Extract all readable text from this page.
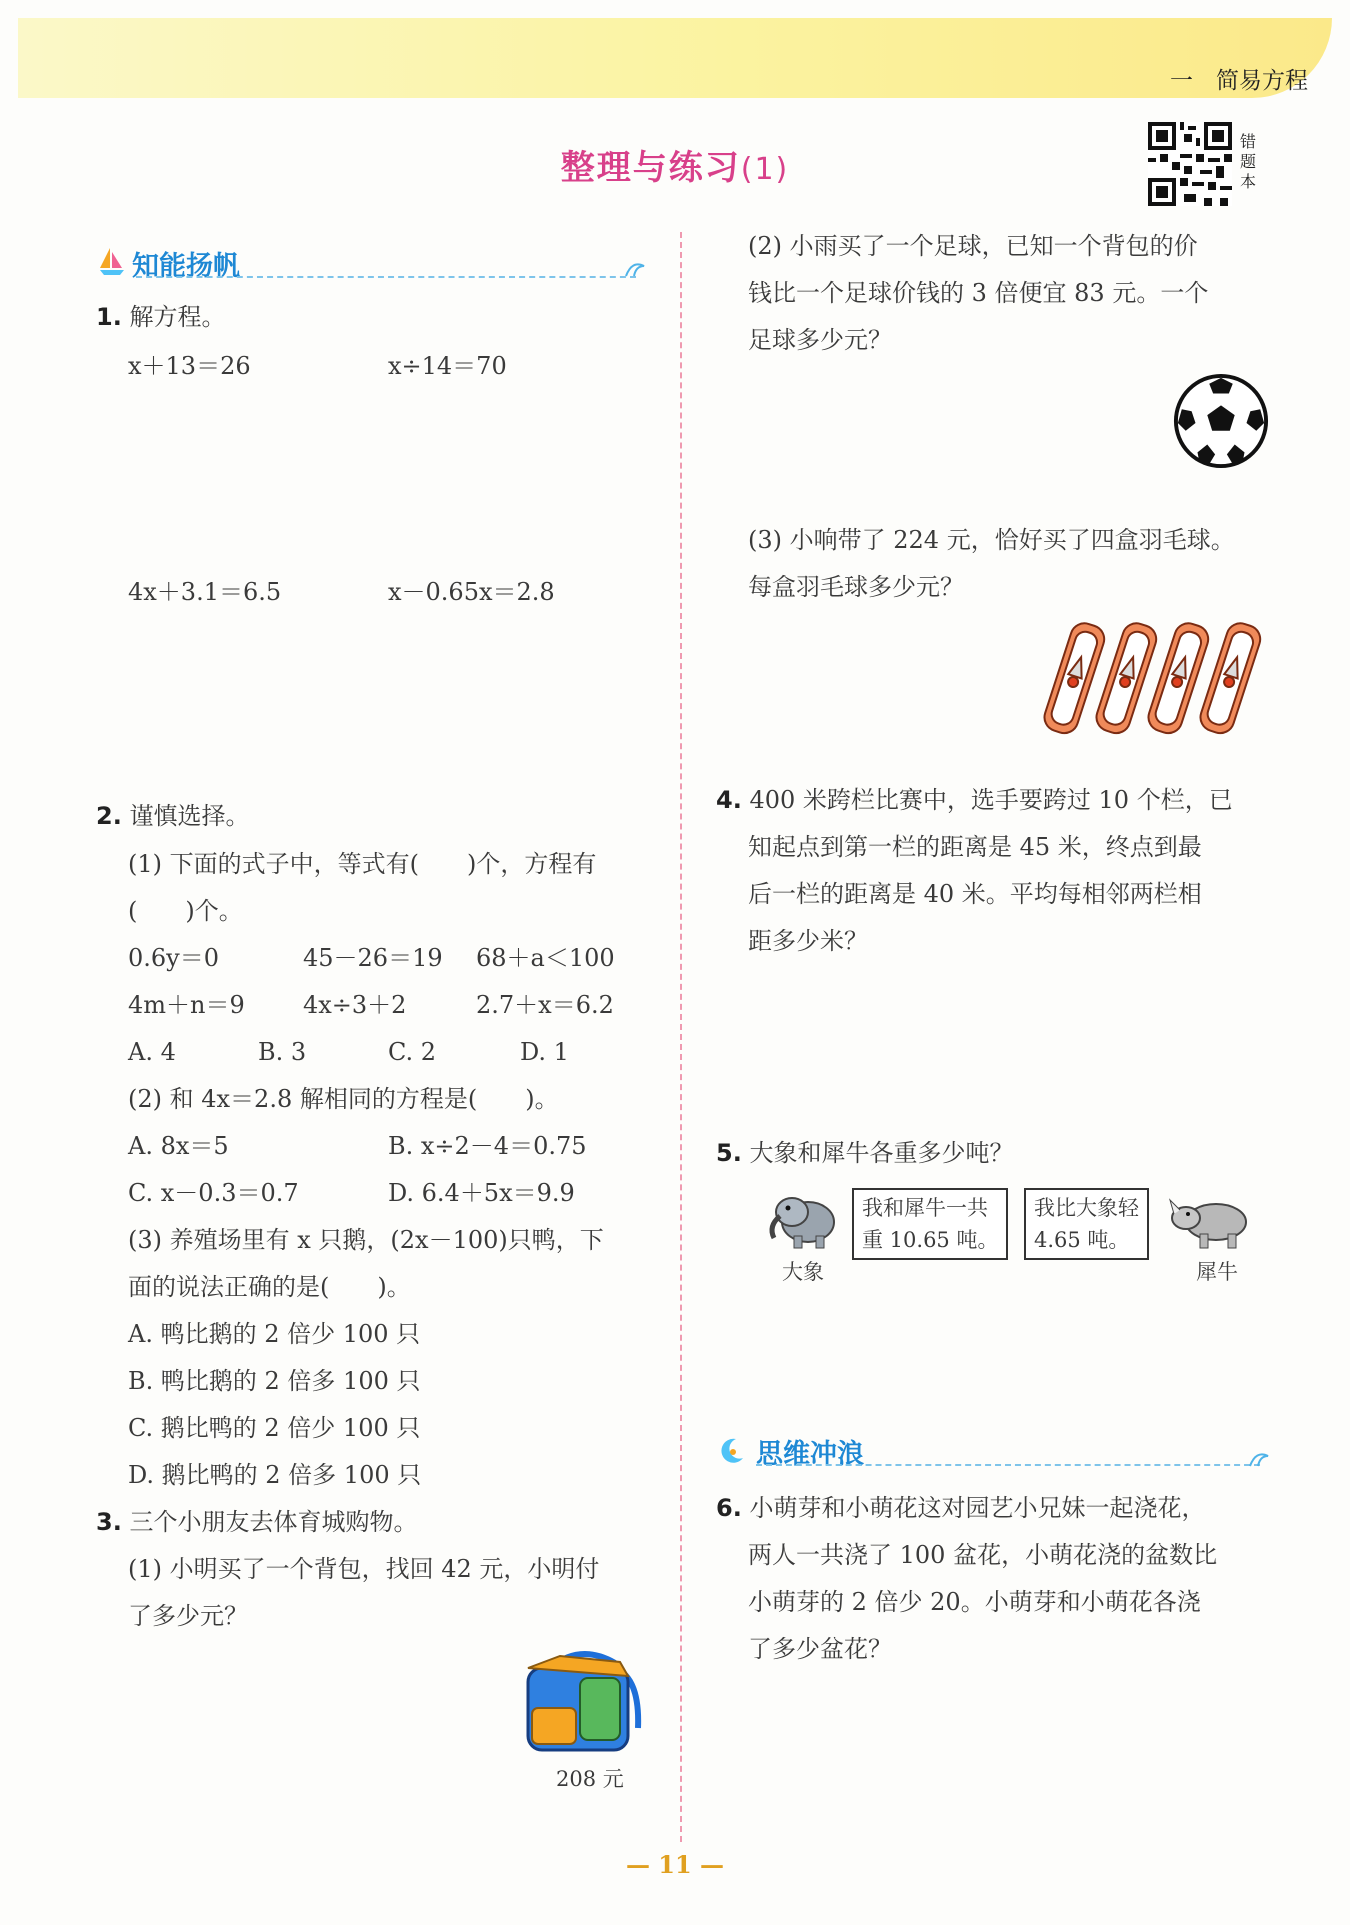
一　简易方程
整理与练习(1)
错题本
知能扬帆
1. 解方程。
x＋13＝26	x÷14＝70
4x＋3.1＝6.5	x－0.65x＝2.8
2. 谨慎选择。
(1) 下面的式子中，等式有(　　)个，方程有
(　　)个。
0.6y＝0	45－26＝19 68＋a＜100
4m＋n＝9 4x÷3＋2	2.7＋x＝6.2
A. 4	B. 3	C. 2	D. 1
(2) 和 4x＝2.8 解相同的方程是(　　)。
A. 8x＝5	B. x÷2－4＝0.75
C. x－0.3＝0.7	D. 6.4＋5x＝9.9
(3) 养殖场里有 x 只鹅，(2x－100)只鸭，下
面的说法正确的是(　　)。
A. 鸭比鹅的 2 倍少 100 只
B. 鸭比鹅的 2 倍多 100 只
C. 鹅比鸭的 2 倍少 100 只
D. 鹅比鸭的 2 倍多 100 只
3. 三个小朋友去体育城购物。
(1) 小明买了一个背包，找回 42 元，小明付
了多少元？
208 元
(2) 小雨买了一个足球，已知一个背包的价
钱比一个足球价钱的 3 倍便宜 83 元。一个
足球多少元？
(3) 小响带了 224 元，恰好买了四盒羽毛球。
每盒羽毛球多少元？
4. 400 米跨栏比赛中，选手要跨过 10 个栏，已
知起点到第一栏的距离是 45 米，终点到最
后一栏的距离是 40 米。平均每相邻两栏相
距多少米？
5. 大象和犀牛各重多少吨？
大象
我和犀牛一共
重 10.65 吨。
我比大象轻
4.65 吨。
犀牛
思维冲浪
6. 小萌芽和小萌花这对园艺小兄妹一起浇花，
两人一共浇了 100 盆花，小萌花浇的盆数比
小萌芽的 2 倍少 20。小萌芽和小萌花各浇
了多少盆花？
— 11 —
